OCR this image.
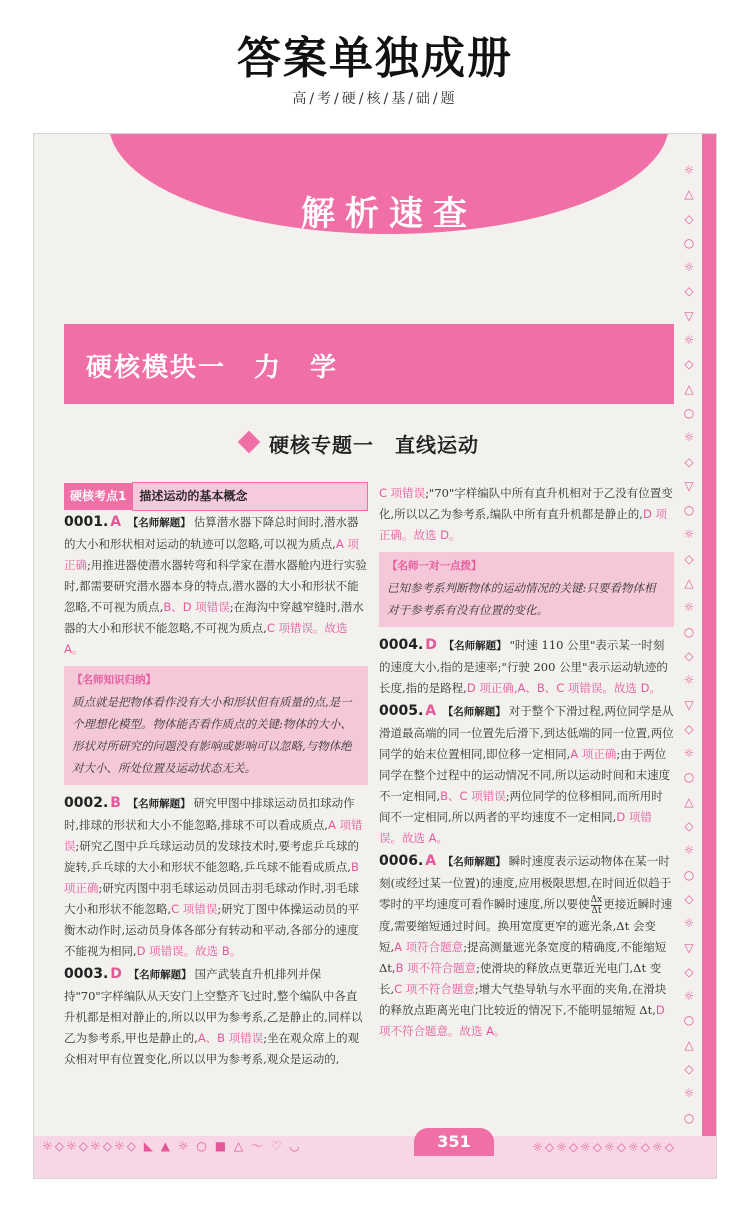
答案单独成册
高/考/硬/核/基/础/题
解析速查
☼
△
◇
○
☼
◇
▽
☼
◇
△
○
☼
◇
▽
○
☼
◇
△
☼
○
◇
☼
▽
◇
☼
○
△
◇
☼
○
◇
☼
▽
◇
☼
○
△
◇
☼
○
硬核模块一　力　学
硬核专题一　直线运动
硬核考点1	描述运动的基本概念
0001. A 【名师解题】 估算潜水器下降总时间时,潜水器的大小和形状相对运动的轨迹可以忽略,可以视为质点,A 项正确;用推进器使潜水器转弯和科学家在潜水器舱内进行实验时,都需要研究潜水器本身的特点,潜水器的大小和形状不能忽略,不可视为质点,B、D 项错误;在海沟中穿越窄缝时,潜水器的大小和形状不能忽略,不可视为质点,C 项错误。故选 A。
【名师知识归纳】
质点就是把物体看作没有大小和形状但有质量的点,是一个理想化模型。物体能否看作质点的关键:物体的大小、形状对所研究的问题没有影响或影响可以忽略,与物体绝对大小、所处位置及运动状态无关。
0002. B 【名师解题】 研究甲图中排球运动员扣球动作时,排球的形状和大小不能忽略,排球不可以看成质点,A 项错误;研究乙图中乒乓球运动员的发球技术时,要考虑乒乓球的旋转,乒乓球的大小和形状不能忽略,乒乓球不能看成质点,B 项正确;研究丙图中羽毛球运动员回击羽毛球动作时,羽毛球大小和形状不能忽略,C 项错误;研究丁图中体操运动员的平衡木动作时,运动员身体各部分有转动和平动,各部分的速度不能视为相同,D 项错误。故选 B。
0003. D 【名师解题】 国产武装直升机排列并保持"70"字样编队从天安门上空整齐飞过时,整个编队中各直升机都是相对静止的,所以以甲为参考系,乙是静止的,同样以乙为参考系,甲也是静止的,A、B 项错误;坐在观众席上的观众相对甲有位置变化,所以以甲为参考系,观众是运动的,
C 项错误;"70"字样编队中所有直升机相对于乙没有位置变化,所以以乙为参考系,编队中所有直升机都是静止的,D 项正确。故选 D。
【名师一对一点拨】
已知参考系判断物体的运动情况的关键:只要看物体相对于参考系有没有位置的变化。
0004. D 【名师解题】 "时速 110 公里"表示某一时刻的速度大小,指的是速率;"行驶 200 公里"表示运动轨迹的长度,指的是路程,D 项正确,A、B、C 项错误。故选 D。
0005. A 【名师解题】 对于整个下滑过程,两位同学是从滑道最高端的同一位置先后滑下,到达低端的同一位置,两位同学的始末位置相同,即位移一定相同,A 项正确;由于两位同学在整个过程中的运动情况不同,所以运动时间和末速度不一定相同,B、C 项错误;两位同学的位移相同,而所用时间不一定相同,所以两者的平均速度不一定相同,D 项错误。故选 A。
0006. A 【名师解题】 瞬时速度表示运动物体在某一时刻(或经过某一位置)的速度,应用极限思想,在时间近似趋于零时的平均速度可看作瞬时速度,所以要使 $\frac{\Delta x}{\Delta t}$ 更接近瞬时速度,需要缩短通过时间。换用宽度更窄的遮光条,Δt 会变短,A 项符合题意;提高测量遮光条宽度的精确度,不能缩短 Δt,B 项不符合题意;使滑块的释放点更靠近光电门,Δt 变长,C 项不符合题意;增大气垫导轨与水平面的夹角,在滑块的释放点距离光电门比较近的情况下,不能明显缩短 Δt,D 项不符合题意。故选 A。
☼◇☼◇☼◇☼◇ ◣ ▲ ☼ ○ ■ △ ～ ♡ ◡	☼◇☼◇☼◇☼◇☼◇☼◇
351
